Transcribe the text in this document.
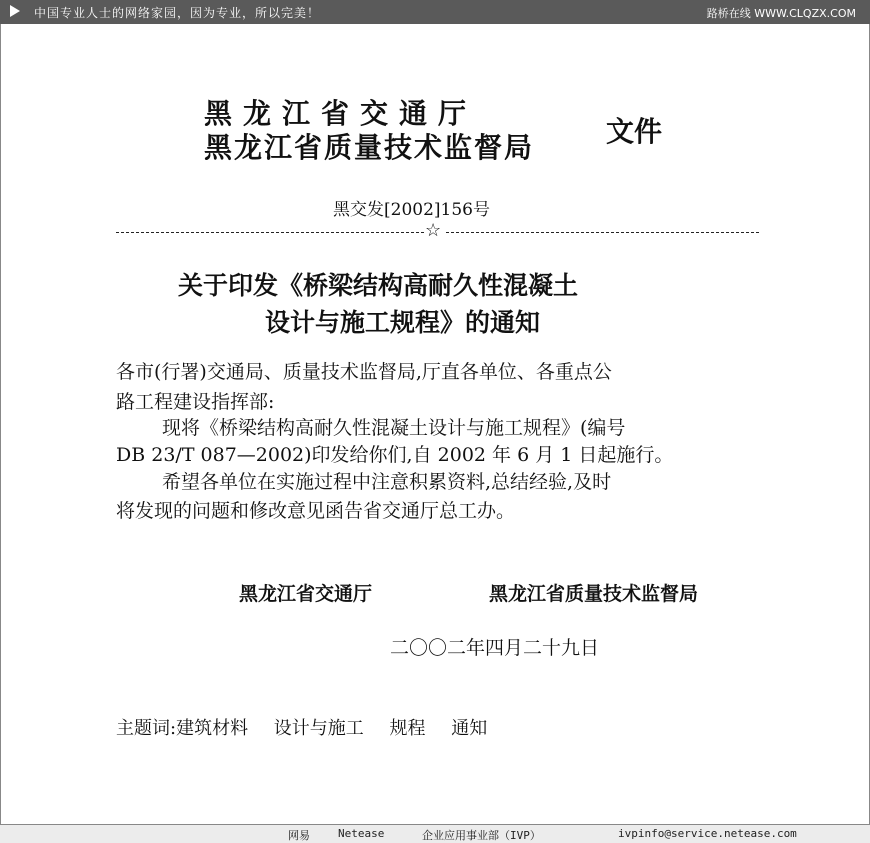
中国专业人士的网络家园，因为专业，所以完美！	路桥在线 WWW.CLQZX.COM
黑龙江省交通厅
黑龙江省质量技术监督局	文件
黑交发[2002]156号
☆
关于印发《桥梁结构高耐久性混凝土
设计与施工规程》的通知
各市(行署)交通局、质量技术监督局,厅直各单位、各重点公
路工程建设指挥部:
现将《桥梁结构高耐久性混凝土设计与施工规程》(编号
DB 23/T 087—2002)印发给你们,自 2002 年 6 月 1 日起施行。
希望各单位在实施过程中注意积累资料,总结经验,及时
将发现的问题和修改意见函告省交通厅总工办。
黑龙江省交通厅	黑龙江省质量技术监督局
二〇〇二年四月二十九日
主题词:建筑材料 设计与施工 规程 通知
网易	Netease	企业应用事业部（IVP）	ivpinfo@service.netease.com
